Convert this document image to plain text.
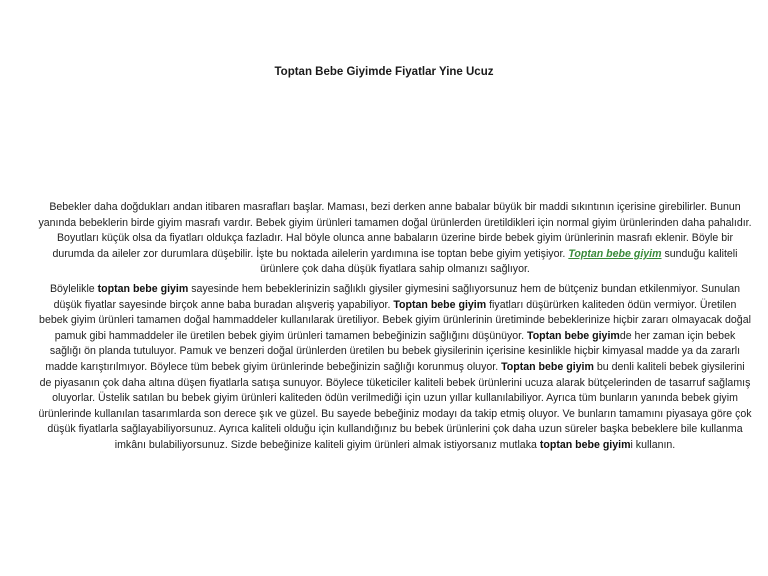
Toptan Bebe Giyimde Fiyatlar Yine Ucuz

Bebekler daha doğdukları andan itibaren masrafları başlar. Maması, bezi derken anne babalar büyük bir maddi sıkıntının içerisine girebilirler. Bunun yanında bebeklerin birde giyim masrafı vardır. Bebek giyim ürünleri tamamen doğal ürünlerden üretildikleri için normal giyim ürünlerinden daha pahalıdır. Boyutları küçük olsa da fiyatları oldukça fazladır. Hal böyle olunca anne babaların üzerine birde bebek giyim ürünlerinin masrafı eklenir. Böyle bir durumda da aileler zor durumlara düşebilir. İşte bu noktada ailelerin yardımına ise toptan bebe giyim yetişiyor. Toptan bebe giyim sunduğu kaliteli ürünlere çok daha düşük fiyatlara sahip olmanızı sağlıyor.

Böylelikle toptan bebe giyim sayesinde hem bebeklerinizin sağlıklı giysiler giymesini sağlıyorsunuz hem de bütçeniz bundan etkilenmiyor. Sunulan düşük fiyatlar sayesinde birçok anne baba buradan alışveriş yapabiliyor. Toptan bebe giyim fiyatları düşürürken kaliteden ödün vermiyor. Üretilen bebek giyim ürünleri tamamen doğal hammaddeler kullanılarak üretiliyor. Bebek giyim ürünlerinin üretiminde bebeklerinize hiçbir zararı olmayacak doğal pamuk gibi hammaddeler ile üretilen bebek giyim ürünleri tamamen bebeğinizin sağlığını düşünüyor. Toptan bebe giyimde her zaman için bebek sağlığı ön planda tutuluyor. Pamuk ve benzeri doğal ürünlerden üretilen bu bebek giysilerinin içerisine kesinlikle hiçbir kimyasal madde ya da zararlı madde karıştırılmıyor. Böylece tüm bebek giyim ürünlerinde bebeğinizin sağlığı korunmuş oluyor. Toptan bebe giyim bu denli kaliteli bebek giysilerini de piyasanın çok daha altına düşen fiyatlarla satışa sunuyor. Böylece tüketiciler kaliteli bebek ürünlerini ucuza alarak bütçelerinden de tasarruf sağlamış oluyorlar. Üstelik satılan bu bebek giyim ürünleri kaliteden ödün verilmediği için uzun yıllar kullanılabiliyor. Ayrıca tüm bunların yanında bebek giyim ürünlerinde kullanılan tasarımlarda son derece şık ve güzel. Bu sayede bebeğiniz modayı da takip etmiş oluyor. Ve bunların tamamını piyasaya göre çok düşük fiyatlarla sağlayabiliyorsunuz. Ayrıca kaliteli olduğu için kullandığınız bu bebek ürünlerini çok daha uzun süreler başka bebeklere bile kullanma imkânı bulabiliyorsunuz. Sizde bebeğinize kaliteli giyim ürünleri almak istiyorsanız mutlaka toptan bebe giyimi kullanın.
